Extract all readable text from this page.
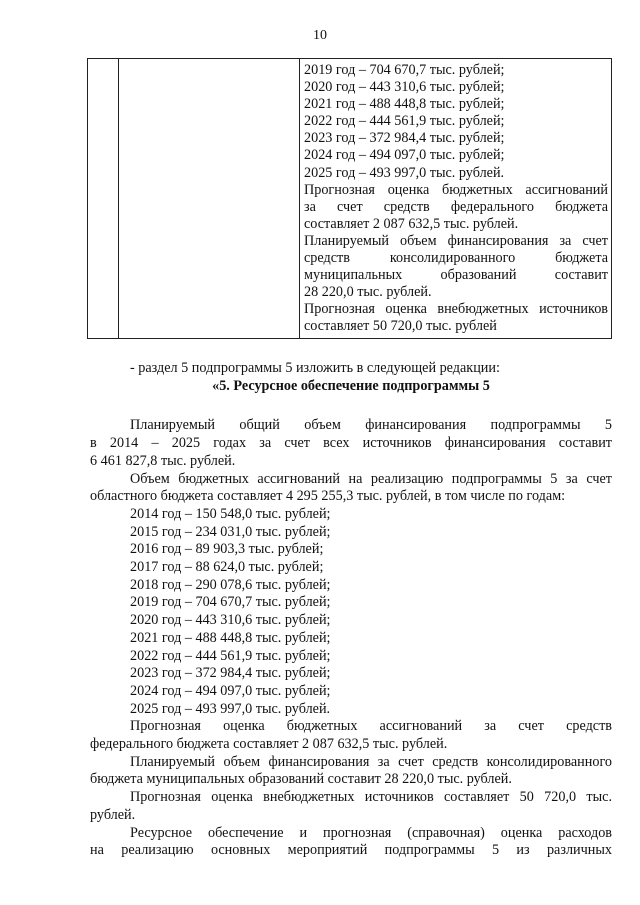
10

2019 год – 704 670,7 тыс. рублей;
2020 год – 443 310,6 тыс. рублей;
2021 год – 488 448,8 тыс. рублей;
2022 год – 444 561,9 тыс. рублей;
2023 год – 372 984,4 тыс. рублей;
2024 год – 494 097,0 тыс. рублей;
2025 год – 493 997,0 тыс. рублей.
Прогнозная оценка бюджетных ассигнований
за счет средств федерального бюджета
составляет 2 087 632,5 тыс. рублей.
Планируемый объем финансирования за счет
средств консолидированного бюджета
муниципальных образований составит
28 220,0 тыс. рублей.
Прогнозная оценка внебюджетных источников
составляет 50 720,0 тыс. рублей
- раздел 5 подпрограммы 5 изложить в следующей редакции:
«5. Ресурсное обеспечение подпрограммы 5
Планируемый общий объем финансирования подпрограммы 5
в 2014 – 2025 годах за счет всех источников финансирования составит
6 461 827,8 тыс. рублей.
Объем бюджетных ассигнований на реализацию подпрограммы 5 за счет
областного бюджета составляет 4 295 255,3 тыс. рублей, в том числе по годам:
2014 год – 150 548,0 тыс. рублей;
2015 год – 234 031,0 тыс. рублей;
2016 год – 89 903,3 тыс. рублей;
2017 год – 88 624,0 тыс. рублей;
2018 год – 290 078,6 тыс. рублей;
2019 год – 704 670,7 тыс. рублей;
2020 год – 443 310,6 тыс. рублей;
2021 год – 488 448,8 тыс. рублей;
2022 год – 444 561,9 тыс. рублей;
2023 год – 372 984,4 тыс. рублей;
2024 год – 494 097,0 тыс. рублей;
2025 год – 493 997,0 тыс. рублей.
Прогнозная оценка бюджетных ассигнований за счет средств
федерального бюджета составляет 2 087 632,5 тыс. рублей.
Планируемый объем финансирования за счет средств консолидированного
бюджета муниципальных образований составит 28 220,0 тыс. рублей.
Прогнозная оценка внебюджетных источников составляет 50 720,0 тыс.
рублей.
Ресурсное обеспечение и прогнозная (справочная) оценка расходов
на реализацию основных мероприятий подпрограммы 5 из различных
